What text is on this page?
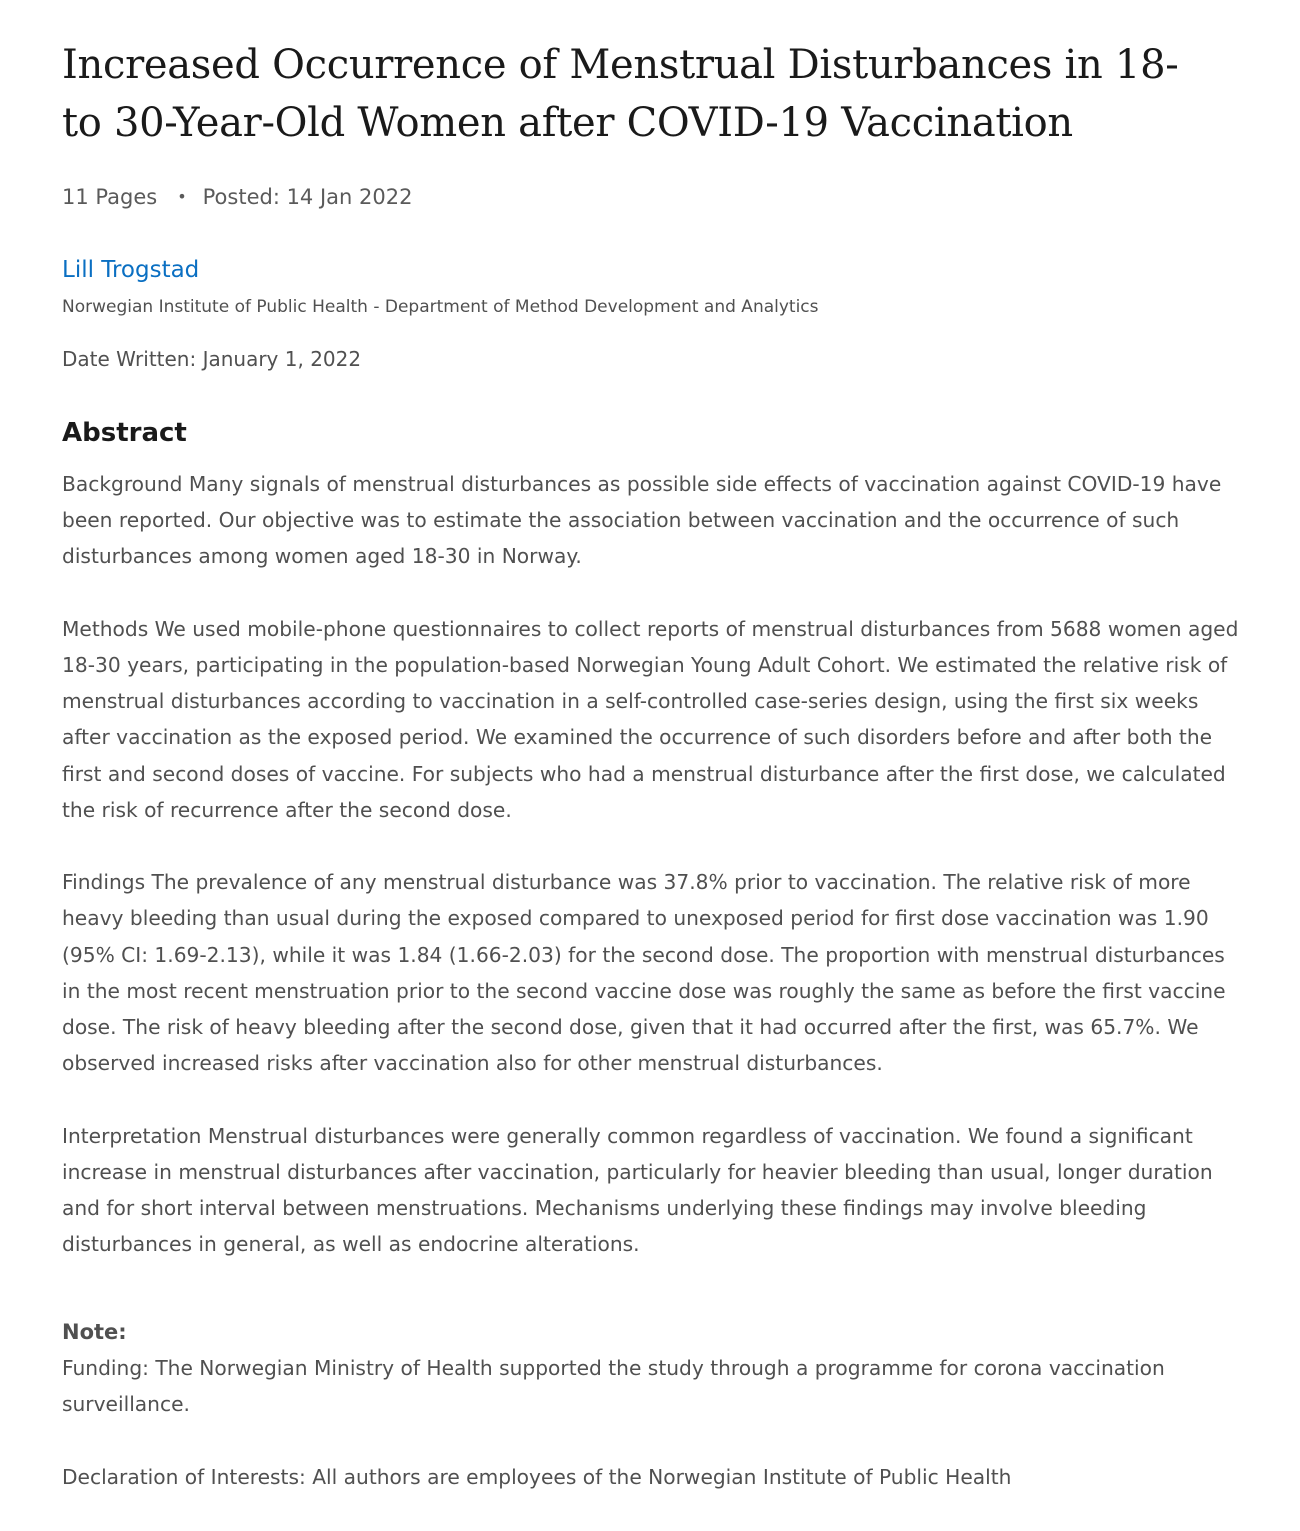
Increased Occurrence of Menstrual Disturbances in 18- to 30-Year-Old Women after COVID-19 Vaccination
11 Pages • Posted: 14 Jan 2022
Lill Trogstad
Norwegian Institute of Public Health - Department of Method Development and Analytics
Date Written: January 1, 2022
Abstract

Background Many signals of menstrual disturbances as possible side effects of vaccination against COVID-19 have been reported. Our objective was to estimate the association between vaccination and the occurrence of such disturbances among women aged 18-30 in Norway.

Methods We used mobile-phone questionnaires to collect reports of menstrual disturbances from 5688 women aged 18-30 years, participating in the population-based Norwegian Young Adult Cohort. We estimated the relative risk of menstrual disturbances according to vaccination in a self-controlled case-series design, using the first six weeks after vaccination as the exposed period. We examined the occurrence of such disorders before and after both the first and second doses of vaccine. For subjects who had a menstrual disturbance after the first dose, we calculated the risk of recurrence after the second dose.

Findings The prevalence of any menstrual disturbance was 37.8% prior to vaccination. The relative risk of more heavy bleeding than usual during the exposed compared to unexposed period for first dose vaccination was 1.90 (95% CI: 1.69-2.13), while it was 1.84 (1.66-2.03) for the second dose. The proportion with menstrual disturbances in the most recent menstruation prior to the second vaccine dose was roughly the same as before the first vaccine dose. The risk of heavy bleeding after the second dose, given that it had occurred after the first, was 65.7%. We observed increased risks after vaccination also for other menstrual disturbances.

Interpretation Menstrual disturbances were generally common regardless of vaccination. We found a significant increase in menstrual disturbances after vaccination, particularly for heavier bleeding than usual, longer duration and for short interval between menstruations. Mechanisms underlying these findings may involve bleeding disturbances in general, as well as endocrine alterations.

Note:

Funding: The Norwegian Ministry of Health supported the study through a programme for corona vaccination surveillance.

Declaration of Interests: All authors are employees of the Norwegian Institute of Public Health
